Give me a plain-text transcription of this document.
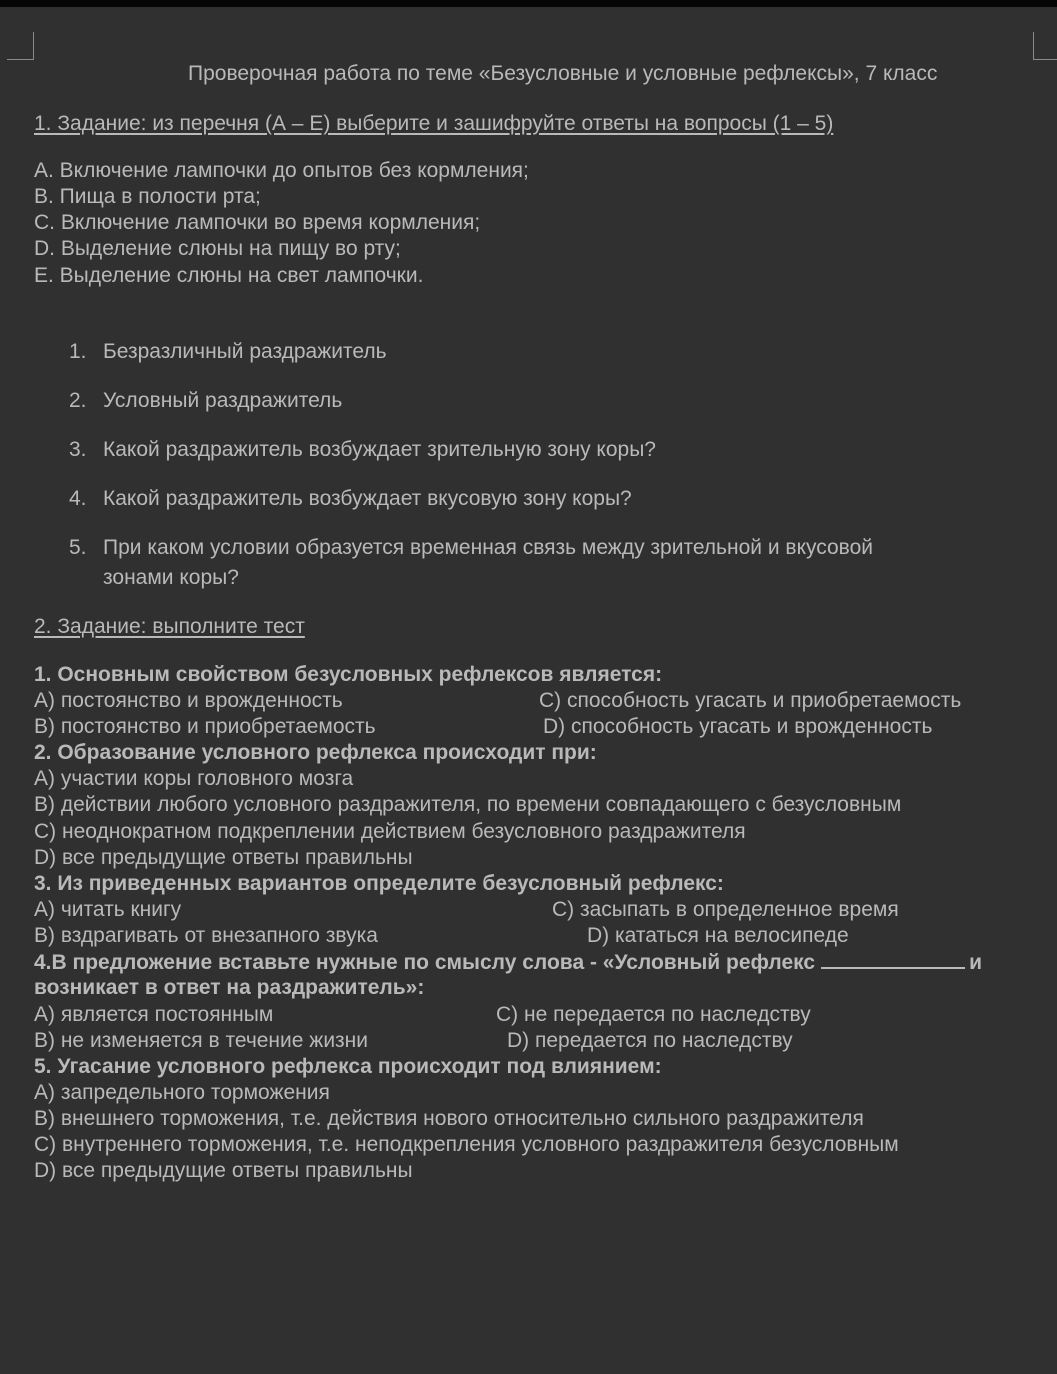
Проверочная работа по теме «Безусловные и условные рефлексы», 7 класс
1. Задание: из перечня (А – Е) выберите и зашифруйте ответы на вопросы (1 – 5)
А. Включение лампочки до опытов без кормления;
В. Пища в полости рта;
С. Включение лампочки во время кормления;
D. Выделение слюны на пищу во рту;
Е. Выделение слюны на свет лампочки.
1. Безразличный раздражитель
2. Условный раздражитель
3. Какой раздражитель возбуждает зрительную зону коры?
4. Какой раздражитель возбуждает вкусовую зону коры?
5. При каком условии образуется временная связь между зрительной и вкусовой
зонами коры?
2. Задание: выполните тест
1. Основным свойством безусловных рефлексов является:
А) постоянство и врожденность	С) способность угасать и приобретаемость
В) постоянство и приобретаемость	D) способность угасать и врожденность
2. Образование условного рефлекса происходит при:
А) участии коры головного мозга
В) действии любого условного раздражителя, по времени совпадающего с безусловным
С) неоднократном подкреплении действием безусловного раздражителя
D) все предыдущие ответы правильны
3. Из приведенных вариантов определите безусловный рефлекс:
А) читать книгу	С) засыпать в определенное время
В) вздрагивать от внезапного звука	D) кататься на велосипеде
4.В предложение вставьте нужные по смыслу слова - «Условный рефлекс	и
возникает в ответ на раздражитель»:
А) является постоянным	С) не передается по наследству
В) не изменяется в течение жизни	D) передается по наследству
5. Угасание условного рефлекса происходит под влиянием:
А) запредельного торможения
В) внешнего торможения, т.е. действия нового относительно сильного раздражителя
С) внутреннего торможения, т.е. неподкрепления условного раздражителя безусловным
D) все предыдущие ответы правильны
